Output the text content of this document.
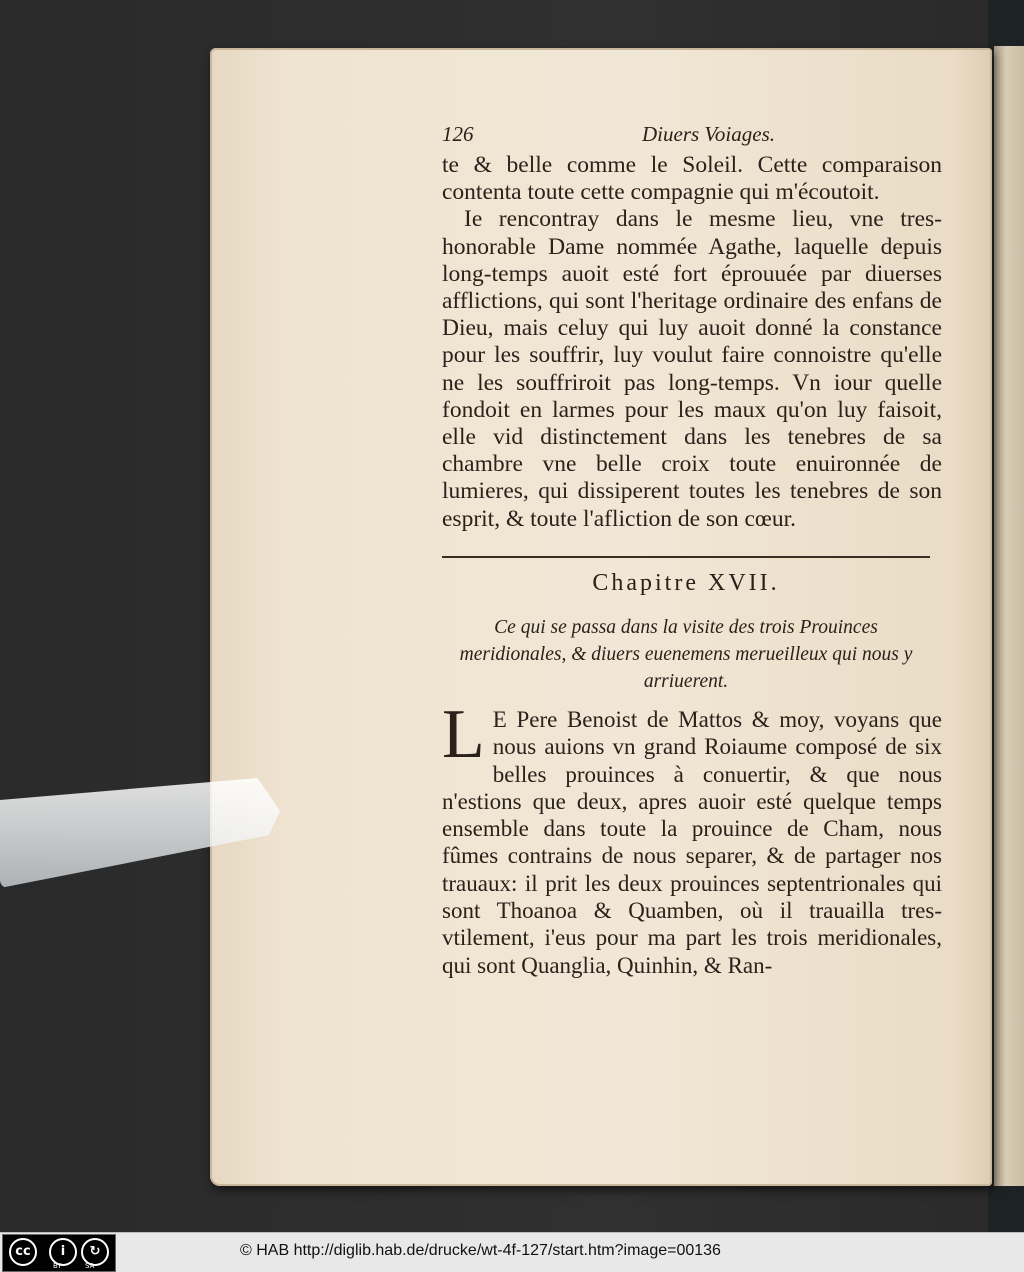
126	Diuers Voiages.

te & belle comme le Soleil. Cette comparaison contenta toute cette compagnie qui m'écoutoit.

Ie rencontray dans le mesme lieu, vne tres-honorable Dame nommée Agathe, laquelle depuis long-temps auoit esté fort éprouuée par diuerses afflictions, qui sont l'heritage ordinaire des enfans de Dieu, mais celuy qui luy auoit donné la constance pour les souffrir, luy voulut faire connoistre qu'elle ne les souffriroit pas long-temps. Vn iour quelle fondoit en larmes pour les maux qu'on luy faisoit, elle vid distinctement dans les tenebres de sa chambre vne belle croix toute enuironnée de lumieres, qui dissiperent toutes les tenebres de son esprit, & toute l'afliction de son cœur.

Chapitre XVII.
Ce qui se passa dans la visite des trois Prouinces meridionales, & diuers euenemens merueilleux qui nous y arriuerent.
L E Pere Benoist de Mattos & moy, voyans que nous auions vn grand Roiaume composé de six belles prouinces à conuertir, & que nous n'estions que deux, apres auoir esté quelque temps ensemble dans toute la prouince de Cham, nous fûmes contrains de nous separer, & de partager nos trauaux: il prit les deux prouinces septentrionales qui sont Thoanoa & Quamben, où il trauailla tres-vtilement, i'eus pour ma part les trois meridionales, qui sont Quanglia, Quinhin, & Ran-
cc	i	↻
BY	SA
© HAB http://diglib.hab.de/drucke/wt-4f-127/start.htm?image=00136
